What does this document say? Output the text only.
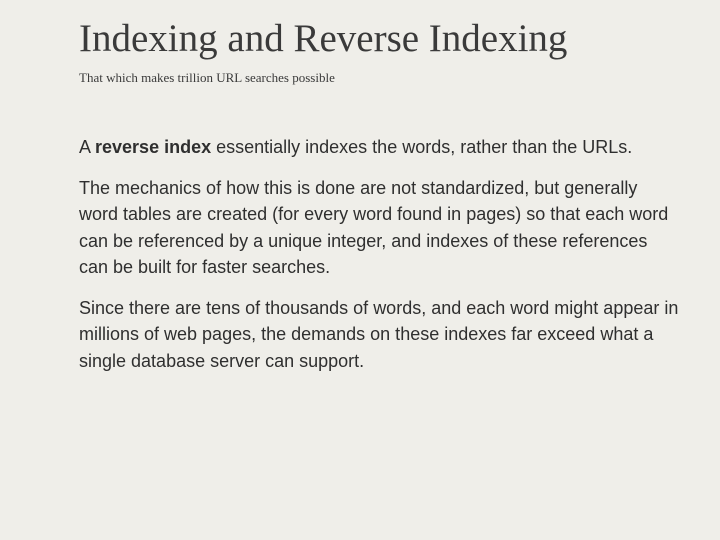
Indexing and Reverse Indexing
That which makes trillion URL searches possible

A reverse index essentially indexes the words, rather than the URLs.

The mechanics of how this is done are not standardized, but generally word tables are created (for every word found in pages) so that each word can be referenced by a unique integer, and indexes of these references can be built for faster searches.

Since there are tens of thousands of words, and each word might appear in millions of web pages, the demands on these indexes far exceed what a single database server can support.
